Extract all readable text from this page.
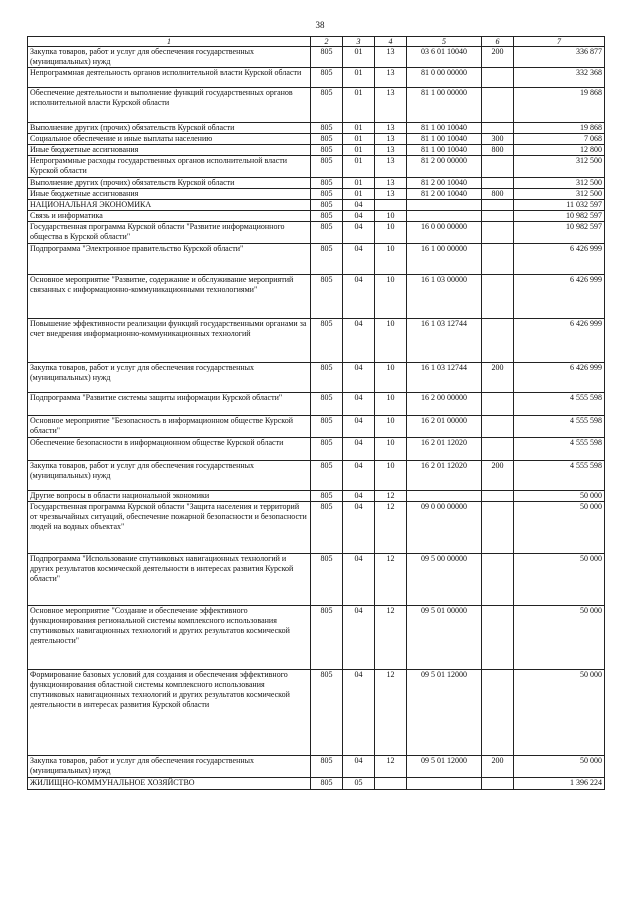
38
1	2	3	4	5	6	7
Закупка товаров, работ и услуг для обеспечения государственных (муниципальных) нужд	805	01	13	03 6 01 10040	200	336 877
Непрограммная деятельность органов исполнительной власти Курской области	805	01	13	81 0 00 00000		332 368
Обеспечение деятельности и выполнение функций государственных органов исполнительной власти Курской области	805	01	13	81 1 00 00000		19 868
Выполнение других (прочих) обязательств Курской области	805	01	13	81 1 00 10040		19 868
Социальное обеспечение и иные выплаты населению	805	01	13	81 1 00 10040	300	7 068
Иные бюджетные ассигнования	805	01	13	81 1 00 10040	800	12 800
Непрограммные расходы государственных органов исполнительной власти Курской области	805	01	13	81 2 00 00000		312 500
Выполнение других (прочих) обязательств Курской области	805	01	13	81 2 00 10040		312 500
Иные бюджетные ассигнования	805	01	13	81 2 00 10040	800	312 500
НАЦИОНАЛЬНАЯ ЭКОНОМИКА	805	04				11 032 597
Связь и информатика	805	04	10			10 982 597
Государственная программа Курской области "Развитие информационного общества в Курской области"	805	04	10	16 0 00 00000		10 982 597
Подпрограмма "Электронное правительство Курской области"	805	04	10	16 1 00 00000		6 426 999
Основное мероприятие "Развитие, содержание и обслуживание мероприятий связанных с информационно-коммуникационными технологиями"	805	04	10	16 1 03 00000		6 426 999
Повышение эффективности реализации функций государственными органами за счет внедрения информационно-коммуникационных технологий	805	04	10	16 1 03 12744		6 426 999
Закупка товаров, работ и услуг для обеспечения государственных (муниципальных) нужд	805	04	10	16 1 03 12744	200	6 426 999
Подпрограмма "Развитие системы защиты информации Курской области"	805	04	10	16 2 00 00000		4 555 598
Основное мероприятие "Безопасность в информационном обществе Курской области"	805	04	10	16 2 01 00000		4 555 598
Обеспечение безопасности в информационном обществе Курской области	805	04	10	16 2 01 12020		4 555 598
Закупка товаров, работ и услуг для обеспечения государственных (муниципальных) нужд	805	04	10	16 2 01 12020	200	4 555 598
Другие вопросы в области национальной экономики	805	04	12			50 000
Государственная программа Курской области "Защита населения и территорий от чрезвычайных ситуаций, обеспечение пожарной безопасности и безопасности людей на водных объектах"	805	04	12	09 0 00 00000		50 000
Подпрограмма "Использование спутниковых навигационных технологий и других результатов космической деятельности в интересах развития Курской области"	805	04	12	09 5 00 00000		50 000
Основное мероприятие "Создание и обеспечение эффективного функционирования региональной системы комплексного использования спутниковых навигационных технологий и других результатов космической деятельности"	805	04	12	09 5 01 00000		50 000
Формирование базовых условий для создания и обеспечения эффективного функционирования областной системы комплексного использования спутниковых навигационных технологий и других результатов космической деятельности в интересах развития Курской области	805	04	12	09 5 01 12000		50 000
Закупка товаров, работ и услуг для обеспечения государственных (муниципальных) нужд	805	04	12	09 5 01 12000	200	50 000
ЖИЛИЩНО-КОММУНАЛЬНОЕ ХОЗЯЙСТВО	805	05				1 396 224
